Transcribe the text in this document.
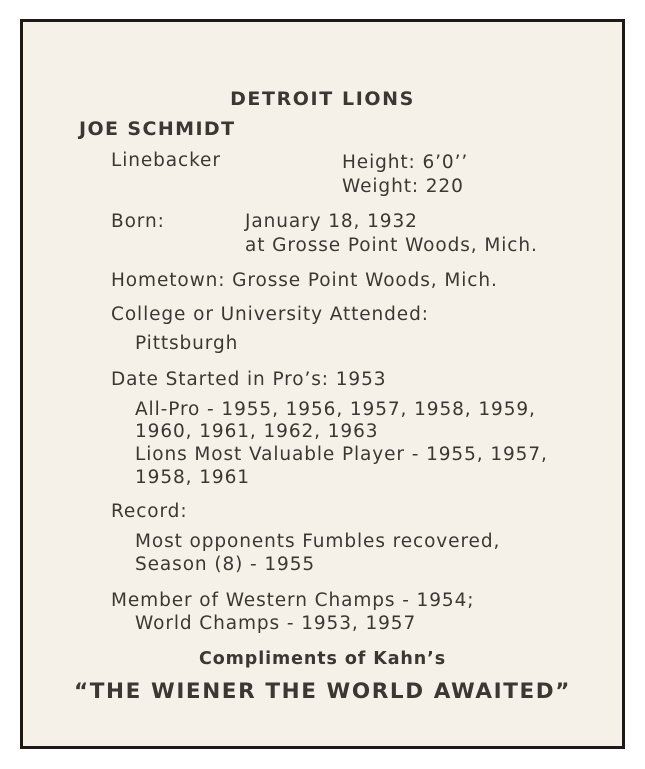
DETROIT LIONS
JOE SCHMIDT
Linebacker	Height: 6’0’’
Weight: 220
Born:	January 18, 1932
at Grosse Point Woods, Mich.
Hometown: Grosse Point Woods, Mich.
College or University Attended:
Pittsburgh
Date Started in Pro’s: 1953
All-Pro - 1955, 1956, 1957, 1958, 1959,
1960, 1961, 1962, 1963
Lions Most Valuable Player - 1955, 1957,
1958, 1961
Record:
Most opponents Fumbles recovered,
Season (8) - 1955
Member of Western Champs - 1954;
World Champs - 1953, 1957
Compliments of Kahn’s
“THE WIENER THE WORLD AWAITED”
